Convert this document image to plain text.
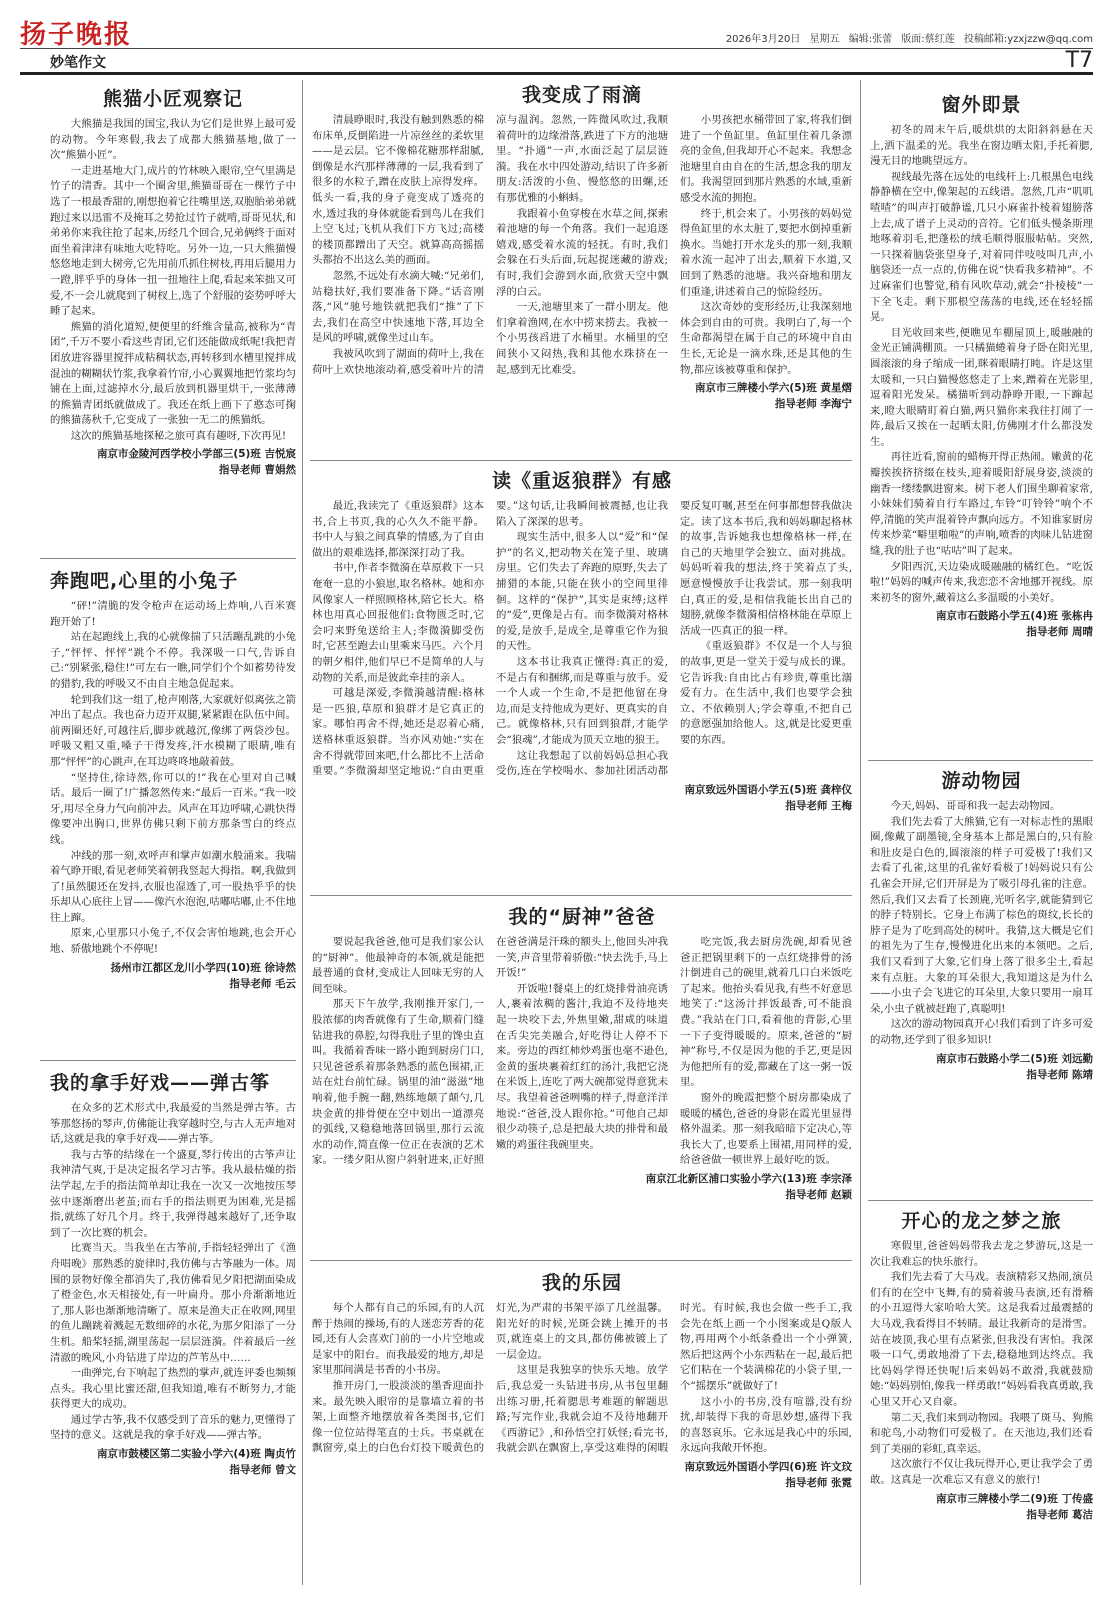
扬子晚报	2026年3月20日 星期五 编辑:张蕾 版面:蔡红莲 投稿邮箱:yzxjzzw@qq.com
妙笔作文	T7
熊猫小匠观察记

大熊猫是我国的国宝,我认为它们是世界上最可爱的动物。今年寒假,我去了成都大熊猫基地,做了一次“熊猫小匠”。

一走进基地大门,成片的竹林映入眼帘,空气里满是竹子的清香。其中一个圈舍里,熊猫哥哥在一棵竹子中选了一根最香甜的,刚想抱着它往嘴里送,双胞胎弟弟就跑过来以迅雷不及掩耳之势抢过竹子就啃,哥哥见状,和弟弟你来我往抢了起来,历经几个回合,兄弟俩终于面对面坐着津津有味地大吃特吃。另外一边,一只大熊猫慢悠悠地走到大树旁,它先用前爪抓住树枝,再用后腿用力一蹬,胖乎乎的身体一扭一扭地往上爬,看起来笨拙又可爱,不一会儿就爬到了树杈上,选了个舒服的姿势呼呼大睡了起来。

熊猫的消化道短,便便里的纤维含量高,被称为“青团”,千万不要小看这些青团,它们还能做成纸呢!我把青团放进容器里搅拌成粘稠状态,再转移到水槽里搅拌成混浊的糊糊状竹浆,我拿着竹帘,小心翼翼地把竹浆均匀铺在上面,过滤掉水分,最后放到机器里烘干,一张薄薄的熊猫青团纸就做成了。我还在纸上画下了憨态可掬的熊猫荡秋千,它变成了一张独一无二的熊猫纸。

这次的熊猫基地探秘之旅可真有趣呀,下次再见!

南京市金陵河西学校小学部三(5)班 吉悦宸
指导老师 曹娟然
奔跑吧,心里的小兔子

“砰!”清脆的发令枪声在运动场上炸响,八百米赛跑开始了!

站在起跑线上,我的心就像揣了只活蹦乱跳的小兔子,“怦怦、怦怦”跳个不停。我深吸一口气,告诉自己:“别紧张,稳住!”可左右一瞧,同学们个个如蓄势待发的猎豹,我的呼吸又不由自主地急促起来。

轮到我们这一组了,枪声刚落,大家就好似离弦之箭冲出了起点。我也奋力迈开双腿,紧紧跟在队伍中间。前两圈还好,可越往后,脚步就越沉,像绑了两袋沙包。呼吸又粗又重,嗓子干得发疼,汗水模糊了眼睛,唯有那“怦怦”的心跳声,在耳边咚咚地敲着鼓。

“坚持住,徐诗然,你可以的!”我在心里对自己喊话。最后一圈了!广播忽然传来:“最后一百米。”我一咬牙,用尽全身力气向前冲去。风声在耳边呼啸,心跳快得像要冲出胸口,世界仿佛只剩下前方那条雪白的终点线。

冲线的那一刻,欢呼声和掌声如潮水般涌来。我喘着气睁开眼,看见老师笑着朝我竖起大拇指。啊,我做到了!虽然腿还在发抖,衣服也湿透了,可一股热乎乎的快乐却从心底往上冒——像汽水泡泡,咕嘟咕嘟,止不住地往上蹿。

原来,心里那只小兔子,不仅会害怕地跳,也会开心地、骄傲地跳个不停呢!

扬州市江都区龙川小学四(10)班 徐诗然
指导老师 毛云
我的拿手好戏——弹古筝

在众多的艺术形式中,我最爱的当然是弹古筝。古筝那悠扬的琴声,仿佛能让我穿越时空,与古人无声地对话,这就是我的拿手好戏——弹古筝。

我与古筝的结缘在一个盛夏,琴行传出的古筝声让我神清气爽,于是决定报名学习古筝。我从最枯燥的指法学起,左手的指法简单却让我在一次又一次地按压琴弦中逐渐磨出老茧;而右手的指法则更为困难,光是摇指,就练了好几个月。终于,我弹得越来越好了,还争取到了一次比赛的机会。

比赛当天。当我坐在古筝前,手指轻轻弹出了《渔舟唱晚》那熟悉的旋律时,我仿佛与古筝融为一体。周围的景物好像全都消失了,我仿佛看见夕阳把湖面染成了橙金色,水天相接处,有一叶扁舟。那小舟渐渐地近了,那人影也渐渐地清晰了。原来是渔夫正在收网,网里的鱼儿蹦跳着溅起无数细碎的水花,为那夕阳添了一分生机。船桨轻摇,湖里荡起一层层涟漪。伴着最后一丝清澈的晚风,小舟钻进了岸边的芦苇丛中……

一曲弹完,台下响起了热烈的掌声,就连评委也频频点头。我心里比蜜还甜,但我知道,唯有不断努力,才能获得更大的成功。

通过学古筝,我不仅感受到了音乐的魅力,更懂得了坚持的意义。这就是我的拿手好戏——弹古筝。

南京市鼓楼区第二实验小学六(4)班 陶贞竹
指导老师 曾文
我变成了雨滴

清晨睁眼时,我没有触到熟悉的棉布床单,反倒陷进一片凉丝丝的柔软里——是云层。它不像棉花糖那样甜腻,倒像是水汽那样薄薄的一层,我看到了很多的水粒子,蹭在皮肤上凉得发痒。低头一看,我的身子竟变成了透亮的水,透过我的身体就能看到鸟儿在我们上空飞过;飞机从我们下方飞过;高楼的楼顶都蹭出了天空。就算高高摇摇头都抬不出这么美的画面。

忽然,不远处有水滴大喊:“兄弟们,站稳扶好,我们要准备下降。”话音刚落,“风”驰号地铁就把我们“推”了下去,我们在高空中快速地下落,耳边全是风的呼啸,就像坐过山车。

我被风吹到了湖面的荷叶上,我在荷叶上欢快地滚动着,感受着叶片的清凉与温润。忽然,一阵微风吹过,我顺着荷叶的边缘滑落,跌进了下方的池塘里。“扑通”一声,水面泛起了层层涟漪。我在水中四处游动,结识了许多新朋友:活泼的小鱼、慢悠悠的田螺,还有那优雅的小蝌蚪。

我跟着小鱼穿梭在水草之间,探索着池塘的每一个角落。我们一起追逐嬉戏,感受着水流的轻抚。有时,我们会躲在石头后面,玩起捉迷藏的游戏;有时,我们会游到水面,欣赏天空中飘浮的白云。

一天,池塘里来了一群小朋友。他们拿着渔网,在水中捞来捞去。我被一个小男孩舀进了水桶里。水桶里的空间狭小又闷热,我和其他水珠挤在一起,感到无比难受。

小男孩把水桶带回了家,将我们倒进了一个鱼缸里。鱼缸里住着几条漂亮的金鱼,但我却开心不起来。我想念池塘里自由自在的生活,想念我的朋友们。我渴望回到那片熟悉的水域,重新感受水流的拥抱。

终于,机会来了。小男孩的妈妈觉得鱼缸里的水太脏了,要把水倒掉重新换水。当她打开水龙头的那一刻,我顺着水流一起冲了出去,顺着下水道,又回到了熟悉的池塘。我兴奋地和朋友们重逢,讲述着自己的惊险经历。

这次奇妙的变形经历,让我深刻地体会到自由的可贵。我明白了,每一个生命都渴望在属于自己的环境中自由生长,无论是一滴水珠,还是其他的生物,都应该被尊重和保护。

南京市三牌楼小学六(5)班 黄星熠
指导老师 李海宁
读《重返狼群》有感

最近,我读完了《重返狼群》这本书,合上书页,我的心久久不能平静。书中人与狼之间真挚的情感,为了自由做出的艰难选择,都深深打动了我。

书中,作者李微漪在草原救下一只奄奄一息的小狼崽,取名格林。她和亦风像家人一样照顾格林,陪它长大。格林也用真心回报他们:食物匮乏时,它会叼来野兔送给主人;李微漪脚受伤时,它甚至跑去山里乘来马匹。六个月的朝夕相伴,他们早已不是简单的人与动物的关系,而是彼此牵挂的亲人。

可越是深爱,李微漪越清醒:格林是一匹狼,草原和狼群才是它真正的家。哪怕再舍不得,她还是忍着心痛,送格林重返狼群。当亦风劝她:“实在舍不得就带回来吧,什么都比不上活命重要。”李微漪却坚定地说:“自由更重要。”这句话,让我瞬间被震撼,也让我陷入了深深的思考。

现实生活中,很多人以“爱”和“保护”的名义,把动物关在笼子里、玻璃房里。它们失去了奔跑的原野,失去了捕猎的本能,只能在狭小的空间里徘徊。这样的“保护”,其实是束缚;这样的“爱”,更像是占有。而李微漪对格林的爱,是放手,是成全,是尊重它作为狼的天性。

这本书让我真正懂得:真正的爱,不是占有和捆绑,而是尊重与放手。爱一个人或一个生命,不是把他留在身边,而是支持他成为更好、更真实的自己。就像格林,只有回到狼群,才能学会“狼魂”,才能成为顶天立地的狼王。

这让我想起了以前妈妈总担心我受伤,连在学校喝水、参加社团活动都要反复叮嘱,甚至在何事都想替我做决定。读了这本书后,我和妈妈聊起格林的故事,告诉她我也想像格林一样,在自己的天地里学会独立、面对挑战。妈妈听着我的想法,终于笑着点了头,愿意慢慢放手让我尝试。那一刻我明白,真正的爱,是相信我能长出自己的翅膀,就像李微漪相信格林能在草原上活成一匹真正的狼一样。

《重返狼群》不仅是一个人与狼的故事,更是一堂关于爱与成长的课。它告诉我:自由比占有珍贵,尊重比溺爱有力。在生活中,我们也要学会独立、不依赖别人;学会尊重,不把自己的意愿强加给他人。这,就是比爱更重要的东西。

南京致远外国语小学五(5)班 龚梓仪
指导老师 王梅
我的“厨神”爸爸

要说起我爸爸,他可是我们家公认的“厨神”。他最神奇的本领,就是能把最普通的食材,变成让人回味无穷的人间至味。

那天下午放学,我刚推开家门,一股浓郁的肉香就像有了生命,顺着门缝钻进我的鼻腔,勾得我肚子里的馋虫直叫。我循着香味一路小跑到厨房门口,只见爸爸系着那条熟悉的蓝色围裙,正站在灶台前忙碌。锅里的油“滋滋”地响着,他手腕一翻,熟练地颠了颠勺,几块金黄的排骨便在空中划出一道漂亮的弧线,又稳稳地落回锅里,那行云流水的动作,简直像一位正在表演的艺术家。一缕夕阳从窗户斜射进来,正好照在爸爸满是汗珠的额头上,他回头冲我一笑,声音里带着骄傲:“快去洗手,马上开饭!”

开饭啦!餐桌上的红烧排骨油亮诱人,裹着浓稠的酱汁,我迫不及待地夹起一块咬下去,外焦里嫩,甜咸的味道在舌尖完美融合,好吃得让人停不下来。旁边的西红柿炒鸡蛋也毫不逊色,金黄的蛋块裹着红红的汤汁,我把它浇在米饭上,连吃了两大碗都觉得意犹未尽。我望着爸爸咧嘴的样子,得意洋洋地说:“爸爸,没人跟你抢。”可他自己却很少动筷子,总是把最大块的排骨和最嫩的鸡蛋往我碗里夹。

吃完饭,我去厨房洗碗,却看见爸爸正把锅里剩下的一点红烧排骨的汤汁倒进自己的碗里,就着几口白米饭吃了起来。他抬头看见我,有些不好意思地笑了:“这汤汁拌饭最香,可不能浪费。”我站在门口,看着他的背影,心里一下子变得暖暖的。原来,爸爸的“厨神”称号,不仅是因为他的手艺,更是因为他把所有的爱,都藏在了这一粥一饭里。

窗外的晚霞把整个厨房都染成了暖暖的橘色,爸爸的身影在霞光里显得格外温柔。那一刻我暗暗下定决心,等我长大了,也要系上围裙,用同样的爱,给爸爸做一顿世界上最好吃的饭。

南京江北新区浦口实验小学六(13)班 李宗泽
指导老师 赵颖
我的乐园

每个人都有自己的乐园,有的人沉醉于热闹的操场,有的人迷恋芳香的花园,还有人会喜欢门前的一小片空地或是家中的阳台。而我最爱的地方,却是家里那间满是书香的小书房。

推开房门,一股淡淡的墨香迎面扑来。最先映入眼帘的是靠墙立着的书架,上面整齐地摆放着各类图书,它们像一位位站得笔直的士兵。书桌就在飘窗旁,桌上的白色台灯投下暖黄色的灯光,为严肃的书架平添了几丝温馨。阳光好的时候,光斑会跳上摊开的书页,就连桌上的文具,都仿佛被镀上了一层金边。

这里是我独享的快乐天地。放学后,我总爱一头钻进书房,从书包里翻出练习册,托着腮思考难题的解题思路;写完作业,我就会迫不及待地翻开《西游记》,和孙悟空打妖怪;看完书,我就会趴在飘窗上,享受这难得的闲暇时光。有时候,我也会做一些手工,我会先在纸上画一个小图案或是Q版人物,再用两个小纸条叠出一个小弹簧,然后把这两个小东西粘在一起,最后把它们粘在一个装满棉花的小袋子里,一个“摇摆乐”就做好了!

这小小的书房,没有喧嚣,没有纷扰,却装得下我的奇思妙想,盛得下我的喜怒哀乐。它永远是我心中的乐园,永远向我敞开怀抱。

南京致远外国语小学四(6)班 许文玟
指导老师 张霓
窗外即景

初冬的周末午后,暖烘烘的太阳斜斜悬在天上,洒下温柔的光。我坐在窗边晒太阳,手托着腮,漫无目的地眺望远方。

视线最先落在远处的电线杆上:几根黑色电线静静横在空中,像架起的五线谱。忽然,几声“叽叽喳喳”的叫声打破静谧,几只小麻雀扑棱着翅膀落上去,成了谱子上灵动的音符。它们低头慢条斯理地啄着羽毛,把蓬松的绒毛顺得服服帖帖。突然,一只探着脑袋张望身子,对着同伴吱吱叫几声,小脑袋还一点一点的,仿佛在说“快看我多精神”。不过麻雀们也警觉,稍有风吹草动,就会“扑棱棱”一下全飞走。剩下那根空荡荡的电线,还在轻轻摇晃。

目光收回来些,便瞧见车棚屋顶上,暖融融的金光正铺满棚顶。一只橘猫蜷着身子卧在阳光里,圆滚滚的身子缩成一团,眯着眼睛打盹。许是这里太暖和,一只白猫慢悠悠走了上来,蹭着在光影里,逗着阳光发呆。橘猫听到动静睁开眼,一下蹿起来,瞪大眼睛盯着白猫,两只猫你来我往打闹了一阵,最后又挨在一起晒太阳,仿佛刚才什么都没发生。

再往近看,窗前的蜡梅开得正热闹。嫩黄的花瓣挨挨挤挤缀在枝头,迎着暖阳舒展身姿,淡淡的幽香一缕缕飘进窗来。树下老人们围坐聊着家常,小妹妹们骑着自行车路过,车铃“叮铃铃”响个不停,清脆的笑声混着铃声飘向远方。不知谁家厨房传来炒菜“噼里啪啦”的声响,喷香的肉味儿钻进窗缝,我的肚子也“咕咕”叫了起来。

夕阳西沉,天边染成暖融融的橘红色。“吃饭啦!”妈妈的喊声传来,我恋恋不舍地挪开视线。原来初冬的窗外,藏着这么多温暖的小美好。

南京市石鼓路小学五(4)班 张栋冉
指导老师 周晴
游动物园

今天,妈妈、哥哥和我一起去动物园。

我们先去看了大熊猫,它有一对标志性的黑眼圈,像戴了副墨镜,全身基本上都是黑白的,只有脸和肚皮是白色的,圆滚滚的样子可爱极了!我们又去看了孔雀,这里的孔雀好看极了!妈妈说只有公孔雀会开屏,它们开屏是为了吸引母孔雀的注意。然后,我们又去看了长颈鹿,光听名字,就能猜到它的脖子特别长。它身上布满了棕色的斑纹,长长的脖子是为了吃到高处的树叶。我猜,这大概是它们的祖先为了生存,慢慢进化出来的本领吧。之后,我们又看到了大象,它们身上落了很多尘土,看起来有点脏。大象的耳朵很大,我知道这是为什么——小虫子会飞进它的耳朵里,大象只要用一扇耳朵,小虫子就被赶跑了,真聪明!

这次的游动物园真开心!我们看到了许多可爱的动物,还学到了很多知识!

南京市石鼓路小学二(5)班 刘远勤
指导老师 陈靖
开心的龙之梦之旅

寒假里,爸爸妈妈带我去龙之梦游玩,这是一次让我难忘的快乐旅行。

我们先去看了大马戏。表演精彩又热闹,演员们有的在空中飞舞,有的骑着骏马表演,还有滑稽的小丑逗得大家哈哈大笑。这是我看过最震撼的大马戏,我看得目不转睛。最让我新奇的是滑雪。站在坡顶,我心里有点紧张,但我没有害怕。我深吸一口气,勇敢地滑了下去,稳稳地到达终点。我比妈妈学得还快呢!后来妈妈不敢滑,我就鼓励她:“妈妈别怕,像我一样勇敢!”妈妈看我真勇敢,我心里又开心又自豪。

第二天,我们来到动物园。我喂了斑马、狗熊和驼鸟,小动物们可爱极了。在天池边,我们还看到了美丽的彩虹,真幸运。

这次旅行不仅让我玩得开心,更让我学会了勇敢。这真是一次难忘又有意义的旅行!

南京市三牌楼小学二(9)班 丁传盛
指导老师 葛洁
